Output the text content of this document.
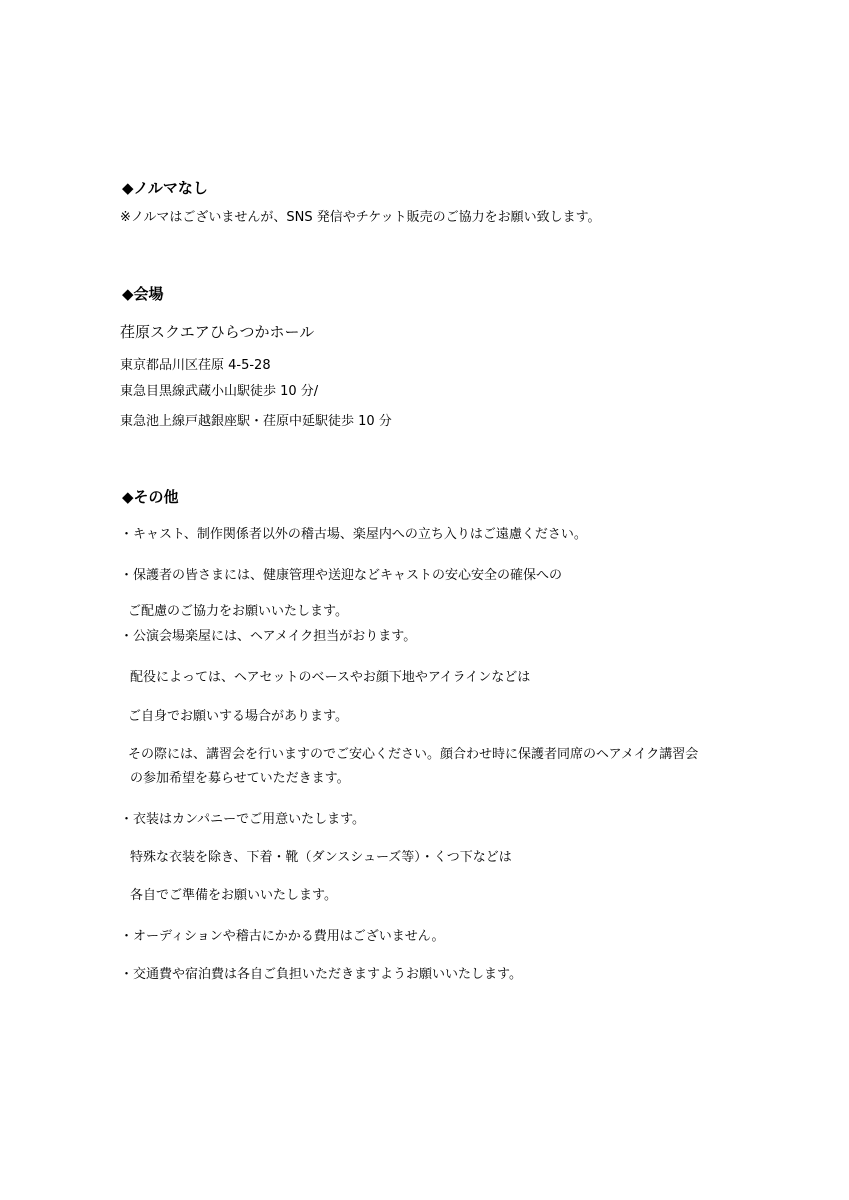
◆ノルマなし
※ノルマはございませんが、SNS 発信やチケット販売のご協力をお願い致します。
◆会場
荏原スクエアひらつかホール
東京都品川区荏原 4-5-28
東急目黒線武蔵小山駅徒歩 10 分/
東急池上線戸越銀座駅・荏原中延駅徒歩 10 分
◆その他
・キャスト、制作関係者以外の稽古場、楽屋内への立ち入りはご遠慮ください。
・保護者の皆さまには、健康管理や送迎などキャストの安心安全の確保への
ご配慮のご協力をお願いいたします。
・公演会場楽屋には、ヘアメイク担当がおります。
配役によっては、ヘアセットのベースやお顔下地やアイラインなどは
ご自身でお願いする場合があります。
その際には、講習会を行いますのでご安心ください。顔合わせ時に保護者同席のヘアメイク講習会
の参加希望を募らせていただきます。
・衣装はカンパニーでご用意いたします。
特殊な衣装を除き、下着・靴（ダンスシューズ等）・くつ下などは
各自でご準備をお願いいたします。
・オーディションや稽古にかかる費用はございません。
・交通費や宿泊費は各自ご負担いただきますようお願いいたします。
